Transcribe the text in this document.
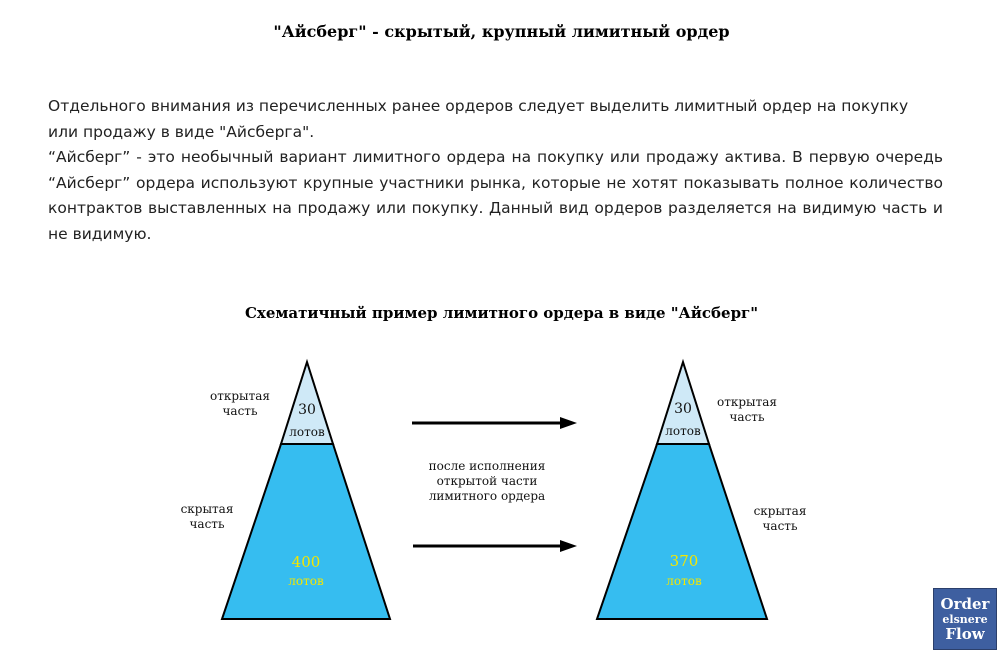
"Айсберг" - скрытый, крупный лимитный ордер

Отдельного внимания из перечисленных ранее ордеров следует выделить лимитный ордер на покупку или продажу в виде "Айсберга".

“Айсберг” - это необычный вариант лимитного ордера на покупку или продажу актива. В первую очередь “Айсберг” ордера используют крупные участники рынка, которые не хотят показывать полное количество контрактов выставленных на продажу или покупку. Данный вид ордеров разделяется на видимую часть и не видимую.

Схематичный пример лимитного ордера в виде "Айсберг"
открытая
часть
скрытая
часть
30
лотов
400
лотов
после исполнения
открытой части
лимитного ордера
открытая
часть
скрытая
часть
30
лотов
370
лотов
Order
elsnere
Flow
